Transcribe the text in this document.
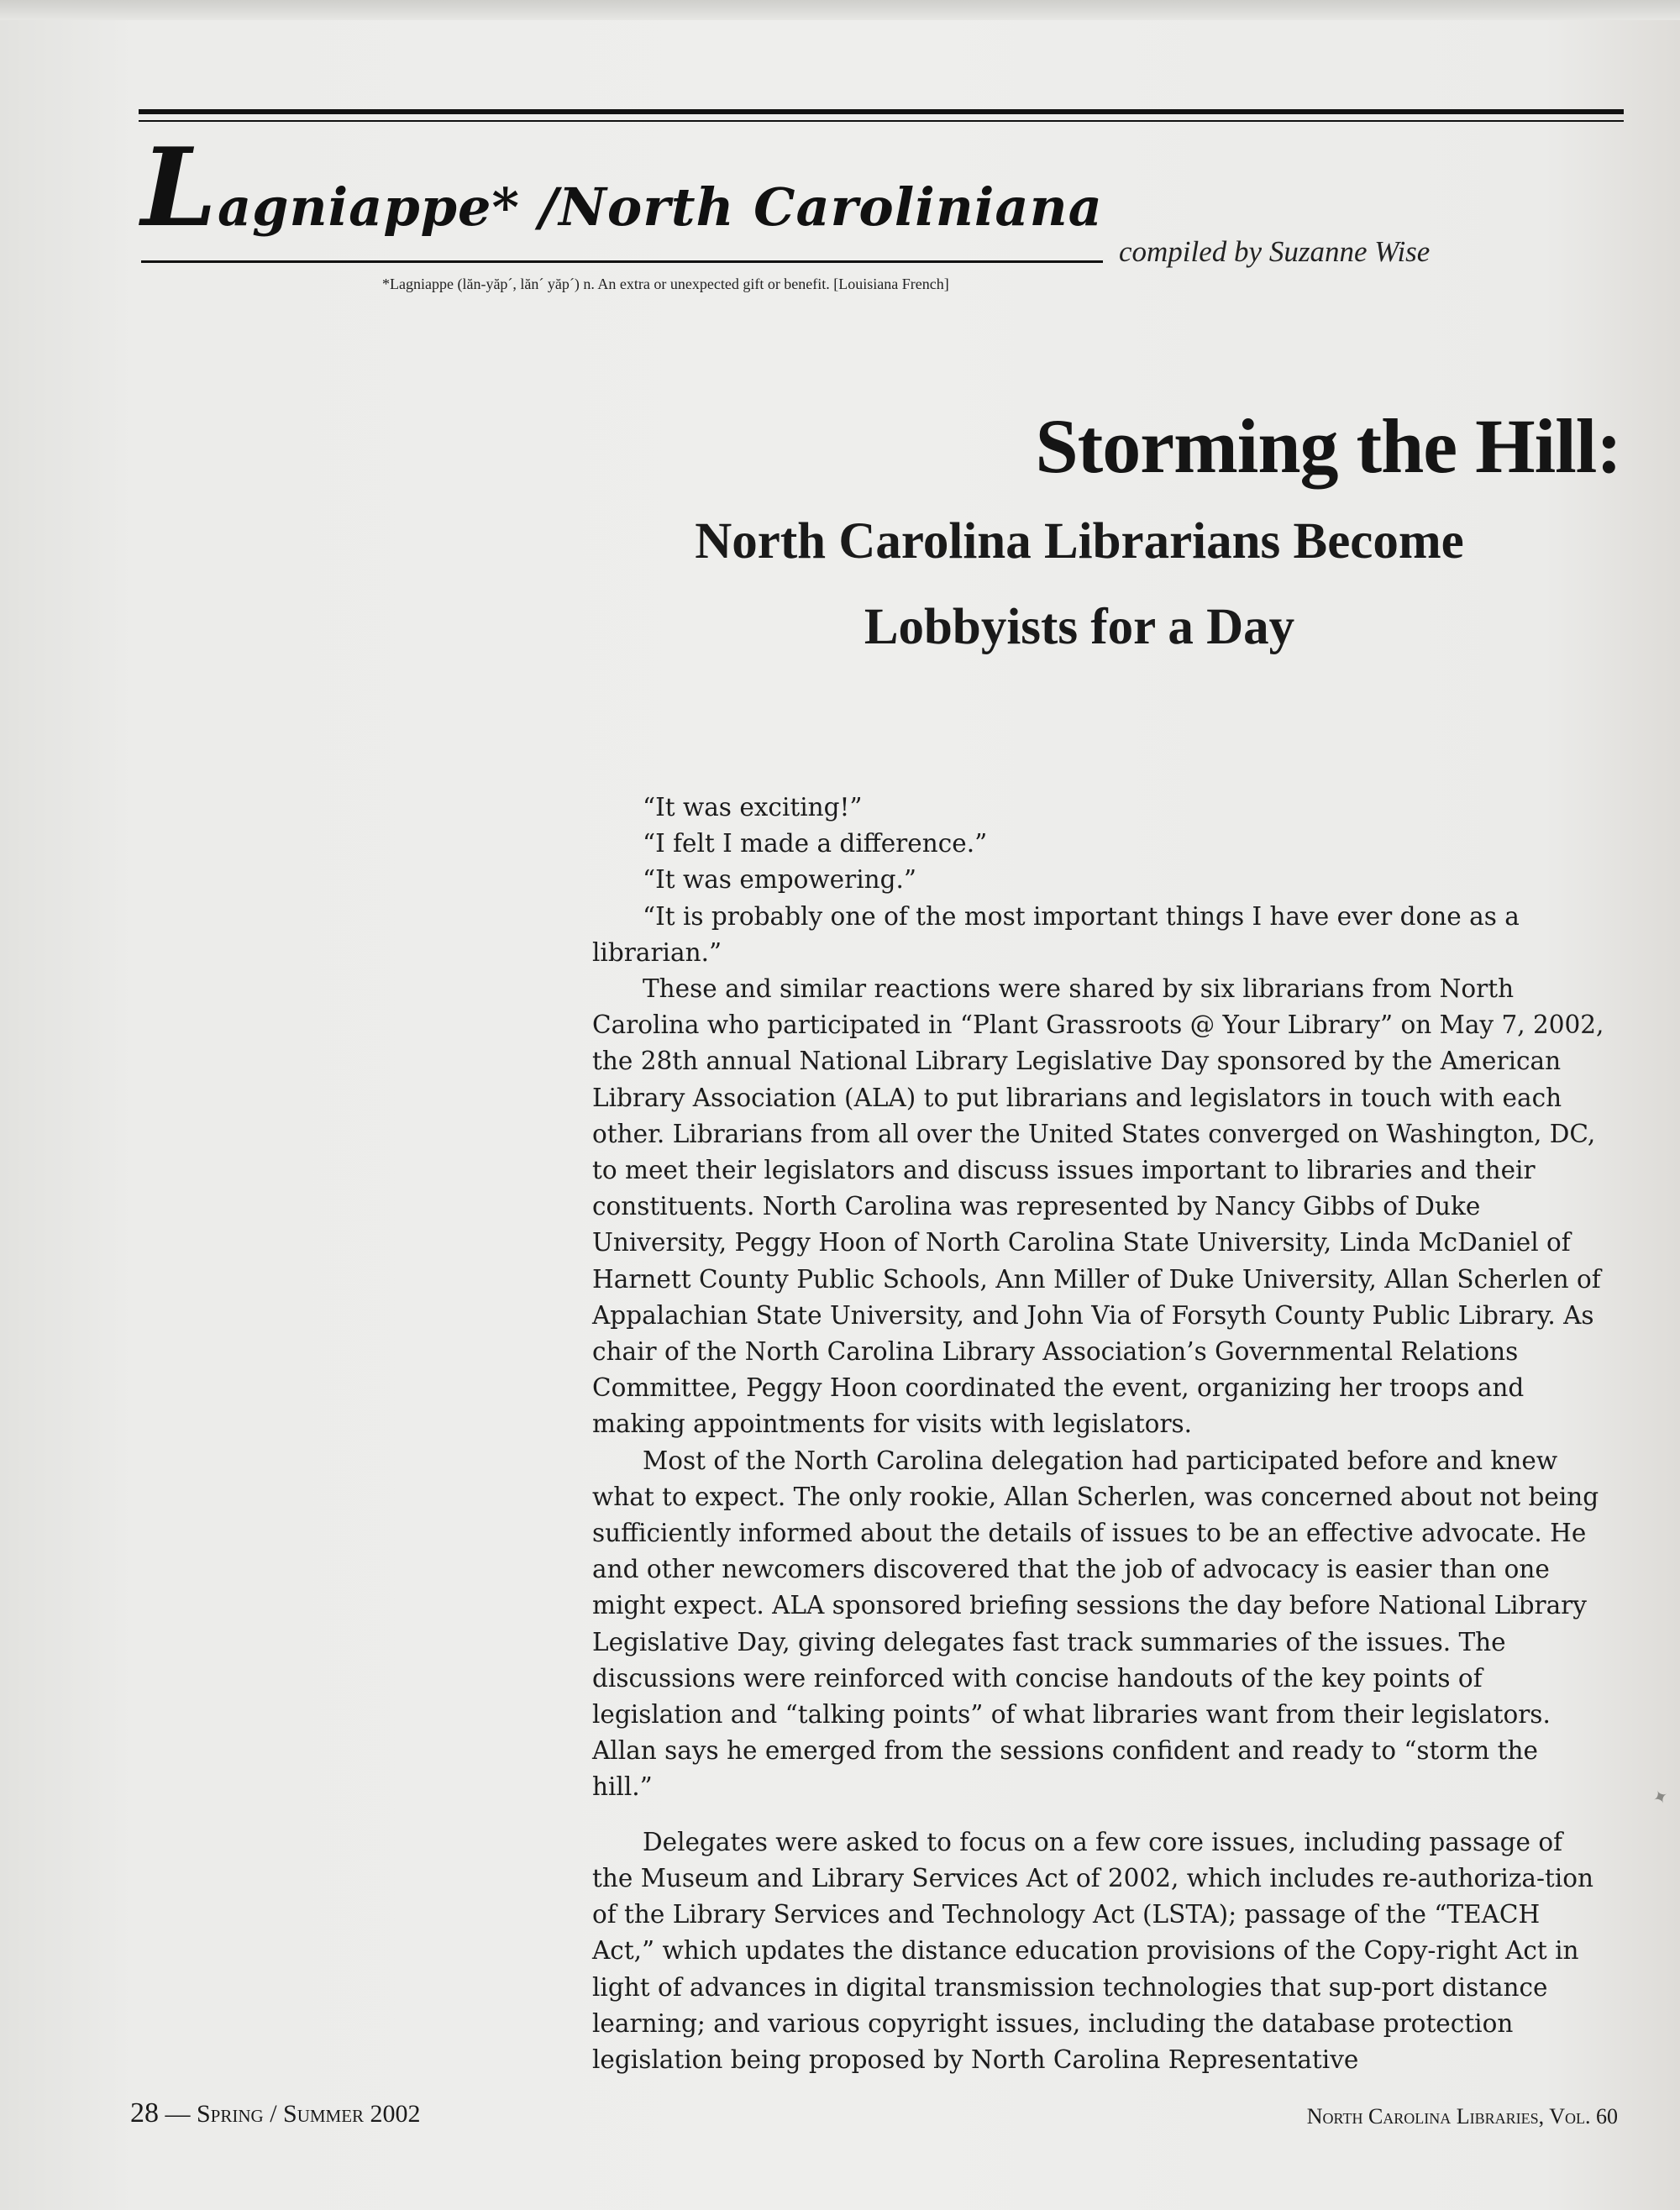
Lagniappe* /North Caroliniana
compiled by Suzanne Wise
*Lagniappe (lăn-yăp´, lăn´ yăp´) n. An extra or unexpected gift or benefit. [Louisiana French]
Storming the Hill:
North Carolina Librarians Become
Lobbyists for a Day

“It was exciting!”

“I felt I made a difference.”

“It was empowering.”

“It is probably one of the most important things I have ever done as a librarian.”

These and similar reactions were shared by six librarians from North Carolina who participated in “Plant Grassroots @ Your Library” on May 7, 2002, the 28th annual National Library Legislative Day sponsored by the American Library Association (ALA) to put librarians and legislators in touch with each other. Librarians from all over the United States converged on Washington, DC, to meet their legislators and discuss issues important to libraries and their constituents. North Carolina was represented by Nancy Gibbs of Duke University, Peggy Hoon of North Carolina State University, Linda McDaniel of Harnett County Public Schools, Ann Miller of Duke University, Allan Scherlen of Appalachian State University, and John Via of Forsyth County Public Library. As chair of the North Carolina Library Association’s Governmental Relations Committee, Peggy Hoon coordinated the event, organizing her troops and making appointments for visits with legislators.

Most of the North Carolina delegation had participated before and knew what to expect. The only rookie, Allan Scherlen, was concerned about not being sufficiently informed about the details of issues to be an effective advocate. He and other newcomers discovered that the job of advocacy is easier than one might expect. ALA sponsored briefing sessions the day before National Library Legislative Day, giving delegates fast track summaries of the issues. The discussions were reinforced with concise handouts of the key points of legislation and “talking points” of what libraries want from their legislators. Allan says he emerged from the sessions confident and ready to “storm the hill.”

Delegates were asked to focus on a few core issues, including passage of the Museum and Library Services Act of 2002, which includes re-authoriza-tion of the Library Services and Technology Act (LSTA); passage of the “TEACH Act,” which updates the distance education provisions of the Copy-right Act in light of advances in digital transmission technologies that sup-port distance learning; and various copyright issues, including the database protection legislation being proposed by North Carolina Representative

28 — Spring / Summer 2002	North Carolina Libraries, Vol. 60
✦
